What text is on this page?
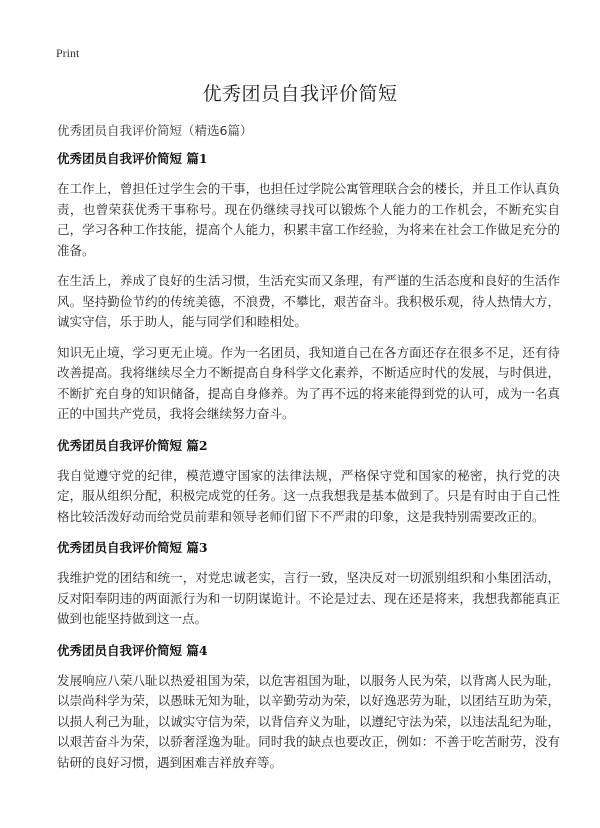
Print
优秀团员自我评价简短
优秀团员自我评价简短（精选6篇）
优秀团员自我评价简短 篇1

在工作上，曾担任过学生会的干事，也担任过学院公寓管理联合会的楼长，并且工作认真负责，也曾荣获优秀干事称号。现在仍继续寻找可以锻炼个人能力的工作机会，不断充实自己，学习各种工作技能，提高个人能力，积累丰富工作经验，为将来在社会工作做足充分的准备。

在生活上，养成了良好的生活习惯，生活充实而又条理，有严谨的生活态度和良好的生活作风。坚持勤俭节约的传统美德，不浪费，不攀比，艰苦奋斗。我积极乐观，待人热情大方，诚实守信，乐于助人，能与同学们和睦相处。

知识无止境，学习更无止境。作为一名团员，我知道自己在各方面还存在很多不足，还有待改善提高。我将继续尽全力不断提高自身科学文化素养，不断适应时代的发展，与时俱进，不断扩充自身的知识储备，提高自身修养。为了再不远的将来能得到党的认可，成为一名真正的中国共产党员，我将会继续努力奋斗。

优秀团员自我评价简短 篇2

我自觉遵守党的纪律，模范遵守国家的法律法规，严格保守党和国家的秘密，执行党的决定，服从组织分配，积极完成党的任务。这一点我想我是基本做到了。只是有时由于自己性格比较活泼好动而给党员前辈和领导老师们留下不严肃的印象，这是我特别需要改正的。

优秀团员自我评价简短 篇3

我维护党的团结和统一，对党忠诚老实，言行一致，坚决反对一切派别组织和小集团活动，反对阳奉阴违的两面派行为和一切阴谋诡计。不论是过去、现在还是将来，我想我都能真正做到也能坚持做到这一点。

优秀团员自我评价简短 篇4

发展响应八荣八耻以热爱祖国为荣，以危害祖国为耻，以服务人民为荣，以背离人民为耻，以崇尚科学为荣，以愚昧无知为耻，以辛勤劳动为荣，以好逸恶劳为耻，以团结互助为荣，以损人利己为耻，以诚实守信为荣，以背信弃义为耻，以遵纪守法为荣，以违法乱纪为耻，以艰苦奋斗为荣，以骄奢淫逸为耻。同时我的缺点也要改正，例如：不善于吃苦耐劳，没有钻研的良好习惯，遇到困难吉祥放弃等。
